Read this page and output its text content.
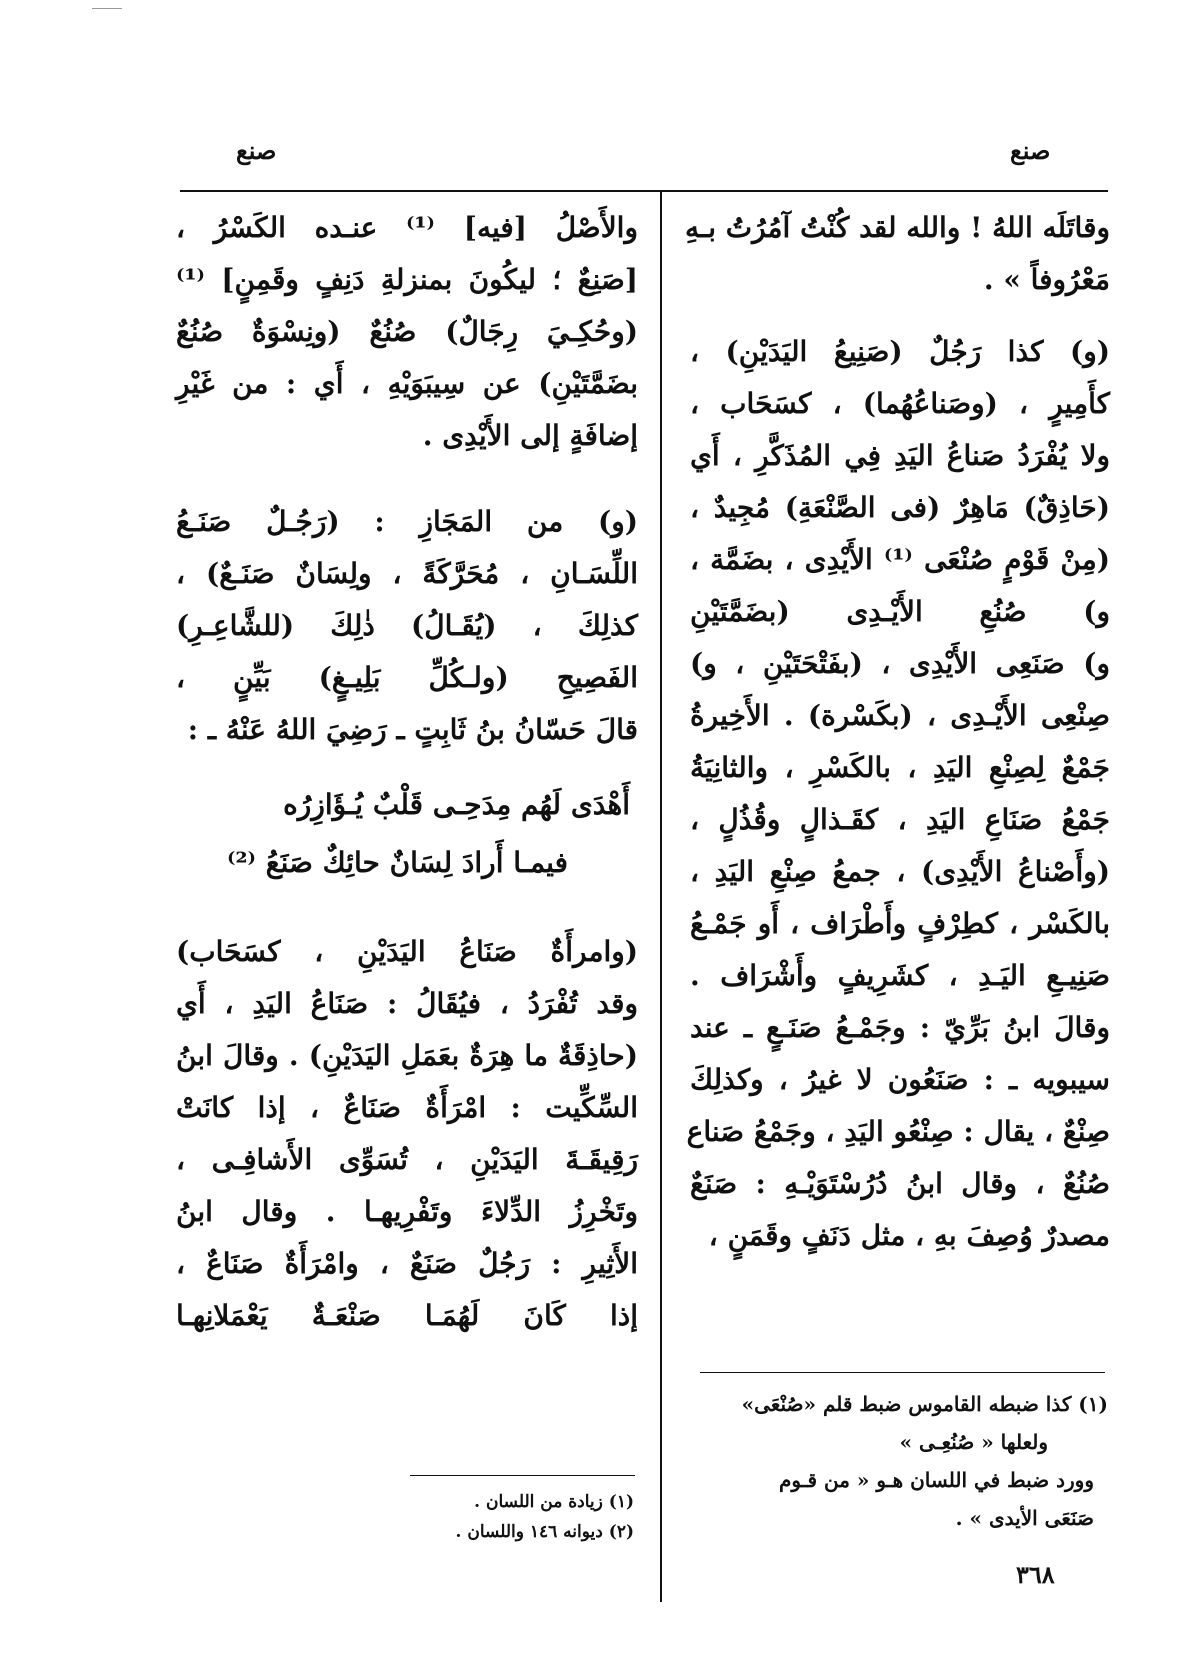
صنع
صنع
وقاتَلَه اللهُ ! والله لقد كُنْتُ آمُرُتُ بـهِ
مَعْرُوفاً » .
(و) كذا رَجُلٌ (صَنِيعُ اليَدَيْنِ) ،
كأَمِيرٍ ، (وصَناعُهُما) ، كسَحَاب ،
ولا يُفْرَدُ صَناعُ اليَدِ فِي المُذَكَّرِ ، أَي
(حَاذِقٌ) مَاهِرٌ (فى الصَّنْعَةِ) مُجِيدٌ ،
(مِنْ قَوْمٍ صُنْعَى ⁽¹⁾ الأَيْدِى ، بضَمَّة ،
و) صُنُعِ الأَيْـدِى (بضَمَّتَيْنِ
و) صَنَعِى الأَيْدِى ، (بفَتْحَتَيْنِ ، و)
صِنْعِى الأَيْـدِى ، (بكَسْرة) . الأَخِيرةُ
جَمْعٌ لِصِنْعِ اليَدِ ، بالكَسْرِ ، والثانِيَةُ
جَمْعُ صَنَاعِ اليَدِ ، كقَـذالٍ وقُذُلٍ ،
(وأَصْناعُ الأَيْدِى) ، جمعُ صِنْعِ اليَدِ ،
بالكَسْر ، كطِرْفٍ وأَطْرَاف ، أَو جَمْـعُ
صَنِيـعِ اليَـدِ ، كشَرِيفٍ وأَشْرَاف .
وقالَ ابنُ بَرِّيّ : وجَمْـعُ صَنَـعٍ ـ عند
سيبويه ـ : صَنَعُون لا غيرُ ، وكذلِكَ
صِنْعٌ ، يقال : صِنْعُو اليَدِ ، وجَمْعُ صَناع
صُنُعٌ ، وقال ابنُ دُرُسْتَوَيْـهِ : صَنَعٌ
مصدرٌ وُصِفَ بهِ ، مثل دَنَفٍ وقَمَنٍ ،
(١) كذا ضبطه القاموس ضبط قلم «صُنْعَى»
ولعلها « صُنُعِـى »
وورد ضبط في اللسان هـو « من قـوم
صَنَعَى الأيدى » .
والأَصْلُ [فيه] ⁽¹⁾ عنـده الكَسْرُ ،
[صَنِعٌ ؛ ليكُونَ بمنزلةِ دَنِفٍ وقَمِنٍ] ⁽¹⁾
(وحُكِـيَ رِجَالٌ) صُنُعٌ (ونِسْوَةٌ صُنُعٌ
بضَمَّتَيْنِ) عن سِيبَوَيْهِ ، أَي : من غَيْرِ
إضافَةٍ إلى الأَيْدِى .
(و) من المَجَازِ : (رَجُـلٌ صَنَـعُ
اللِّسَـانِ ، مُحَرَّكَةً ، ولِسَانٌ صَنَـعٌ) ،
كذلِكَ ، (يُقَـالُ) ذٰلِكَ (للشَّاعِـرِ)
الفَصِيحِ (ولـكُلِّ بَلِيـغٍ) بَيِّنٍ ،
قالَ حَسّانُ بنُ ثَابِتٍ ـ رَضِيَ اللهُ عَنْهُ ـ :
أَهْدَى لَهُم مِدَحِـى قَلْبٌ يُـؤَازِرُه
فيمـا أَرادَ لِسَانٌ حائِكٌ صَنَعُ ⁽²⁾
(وامرأَةٌ صَنَاعُ اليَدَيْنِ ، كسَحَاب)
وقد تُفْرَدُ ، فيُقَالُ : صَنَاعُ اليَدِ ، أَي
(حاذِقَةٌ ما هِرَةٌ بعَمَلِ اليَدَيْنِ) . وقالَ ابنُ
السِّكِّيت : امْرَأَةٌ صَنَاعٌ ، إذا كانَتْ
رَقِيقَـةَ اليَدَيْنِ ، تُسَوِّى الأَشافِـى ،
وتَخْرِزُ الدِّلاءَ وتَفْرِيهـا . وقال ابنُ
الأَثِيرِ : رَجُلٌ صَنَعٌ ، وامْرَأَةٌ صَنَاعٌ ،
إذا كَانَ لَهُمَـا صَنْعَـةٌ يَعْمَلانِهـا
(١) زيادة من اللسان .
(٢) ديوانه ١٤٦ واللسان .
٣٦٨
